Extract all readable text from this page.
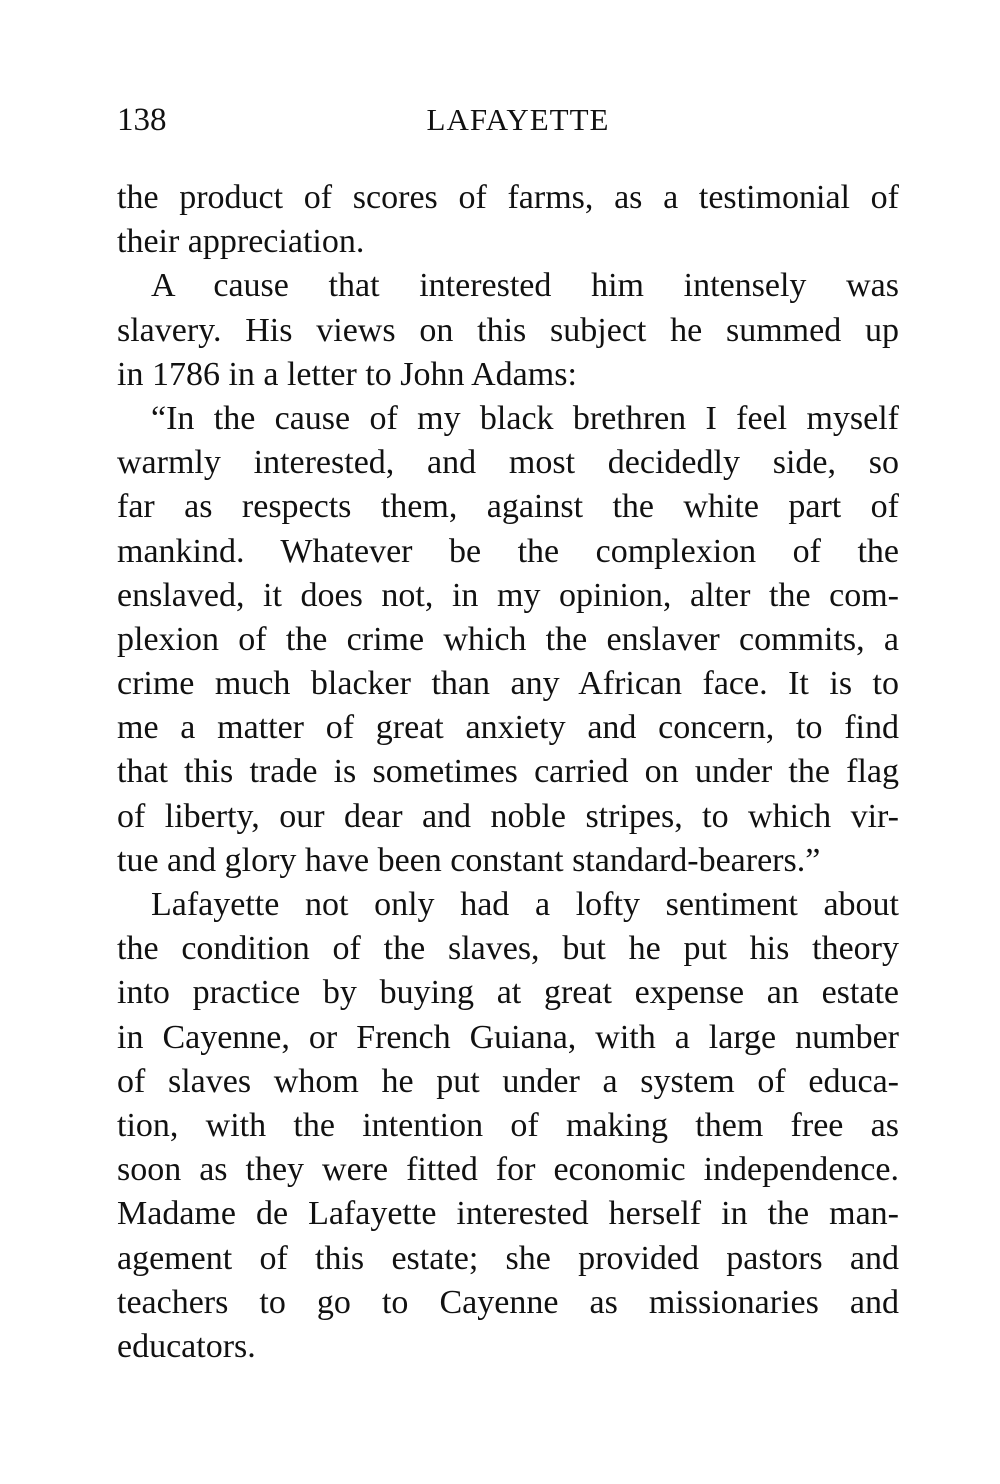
138	LAFAYETTE
the product of scores of farms, as a testimonial of
their appreciation.
A cause that interested him intensely was
slavery. His views on this subject he summed up
in 1786 in a letter to John Adams:
“In the cause of my black brethren I feel myself
warmly interested, and most decidedly side, so
far as respects them, against the white part of
mankind. Whatever be the complexion of the
enslaved, it does not, in my opinion, alter the com-
plexion of the crime which the enslaver commits, a
crime much blacker than any African face. It is to
me a matter of great anxiety and concern, to find
that this trade is sometimes carried on under the flag
of liberty, our dear and noble stripes, to which vir-
tue and glory have been constant standard-bearers.”
Lafayette not only had a lofty sentiment about
the condition of the slaves, but he put his theory
into practice by buying at great expense an estate
in Cayenne, or French Guiana, with a large number
of slaves whom he put under a system of educa-
tion, with the intention of making them free as
soon as they were fitted for economic independence.
Madame de Lafayette interested herself in the man-
agement of this estate; she provided pastors and
teachers to go to Cayenne as missionaries and
educators.
